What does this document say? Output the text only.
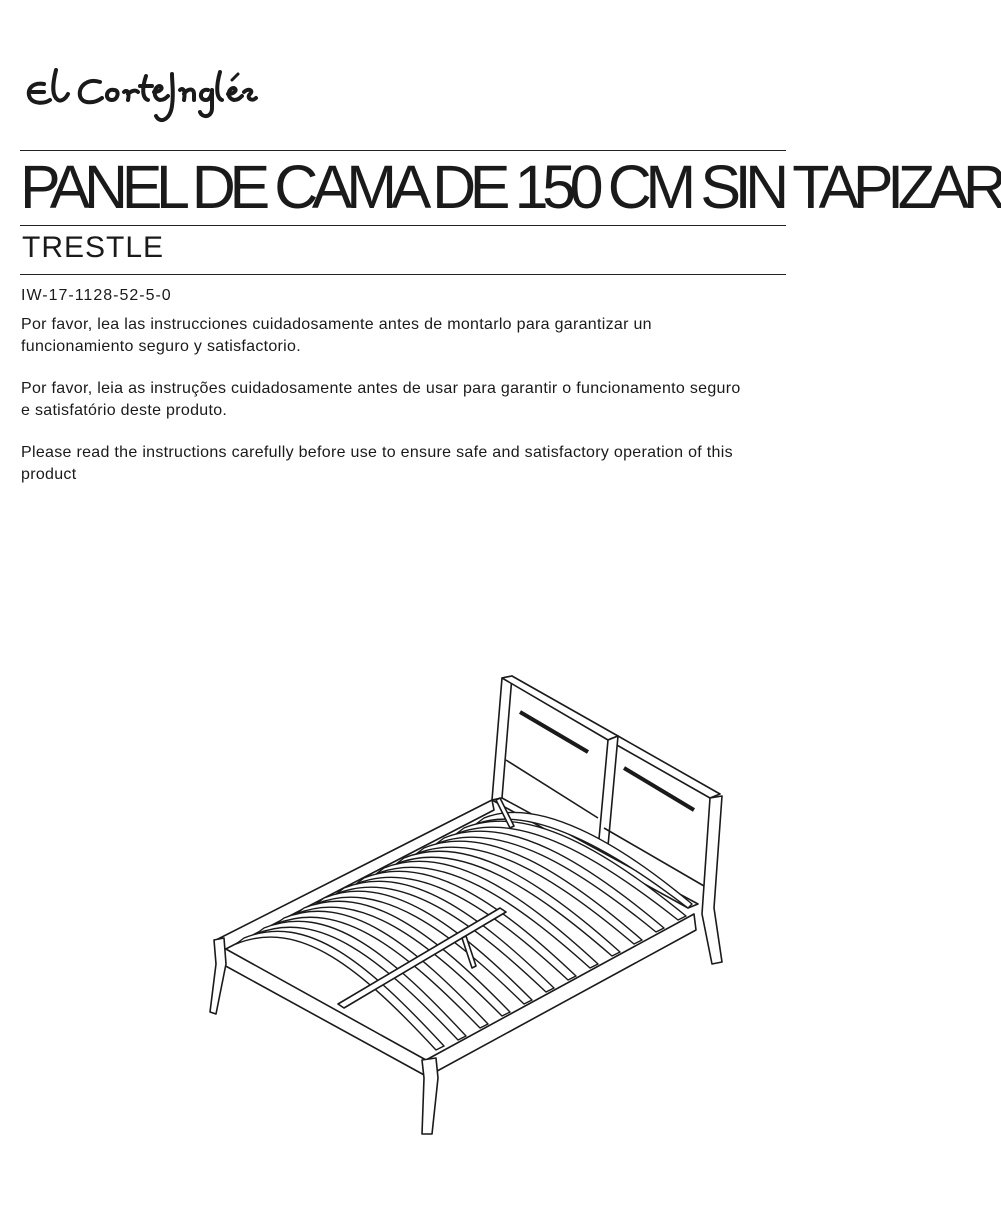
PANEL DE CAMA DE 150 CM SIN TAPIZAR
TRESTLE
IW-17-1128-52-5-0

Por favor, lea las instrucciones cuidadosamente antes de montarlo para garantizar un funcionamiento seguro y satisfactorio.

Por favor, leia as instruções cuidadosamente antes de usar para garantir o funcionamento seguro e satisfatório deste produto.

Please read the instructions carefully before use to ensure safe and satisfactory operation of this product
